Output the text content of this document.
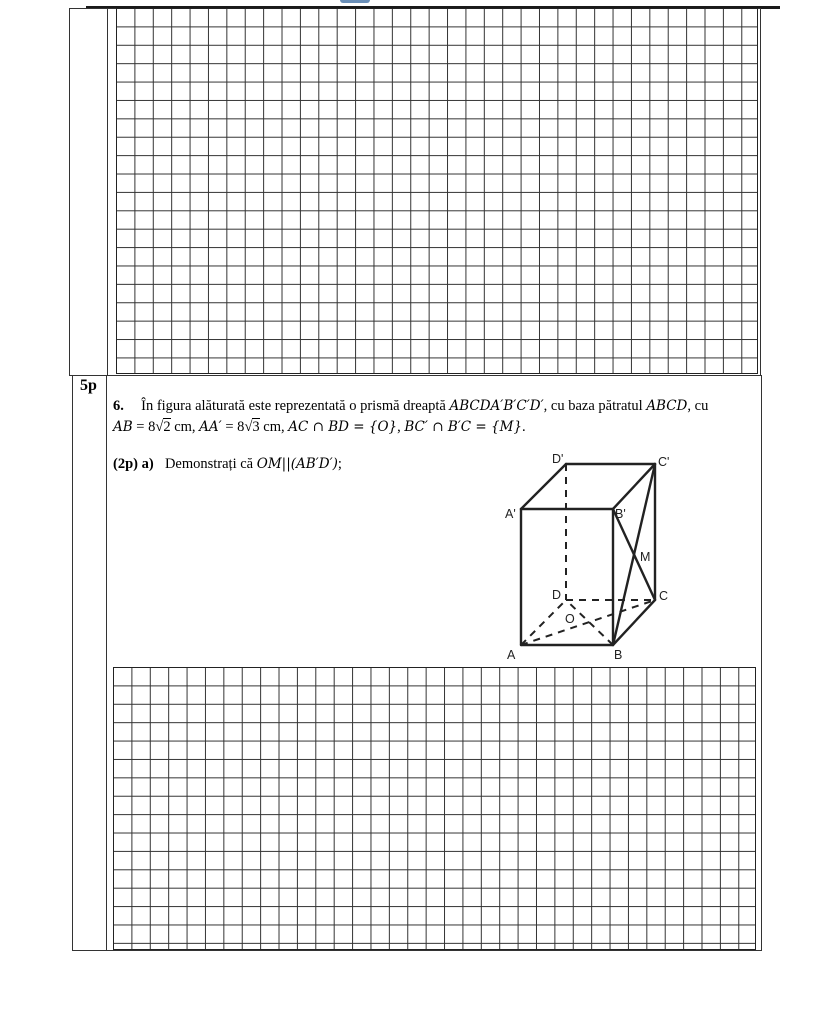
5p
6. În figura alăturată este reprezentată o prismă dreaptă ABCDA′B′C′D′, cu baza pătratul ABCD, cu
AB = 8√2 cm, AA′ = 8√3 cm, AC ∩ BD = {O}, BC′ ∩ B′C = {M}.
(2p) a) Demonstrați că OM||(AB′D′);	D'	C'
A'	B'
M
D	C
O
A	B
